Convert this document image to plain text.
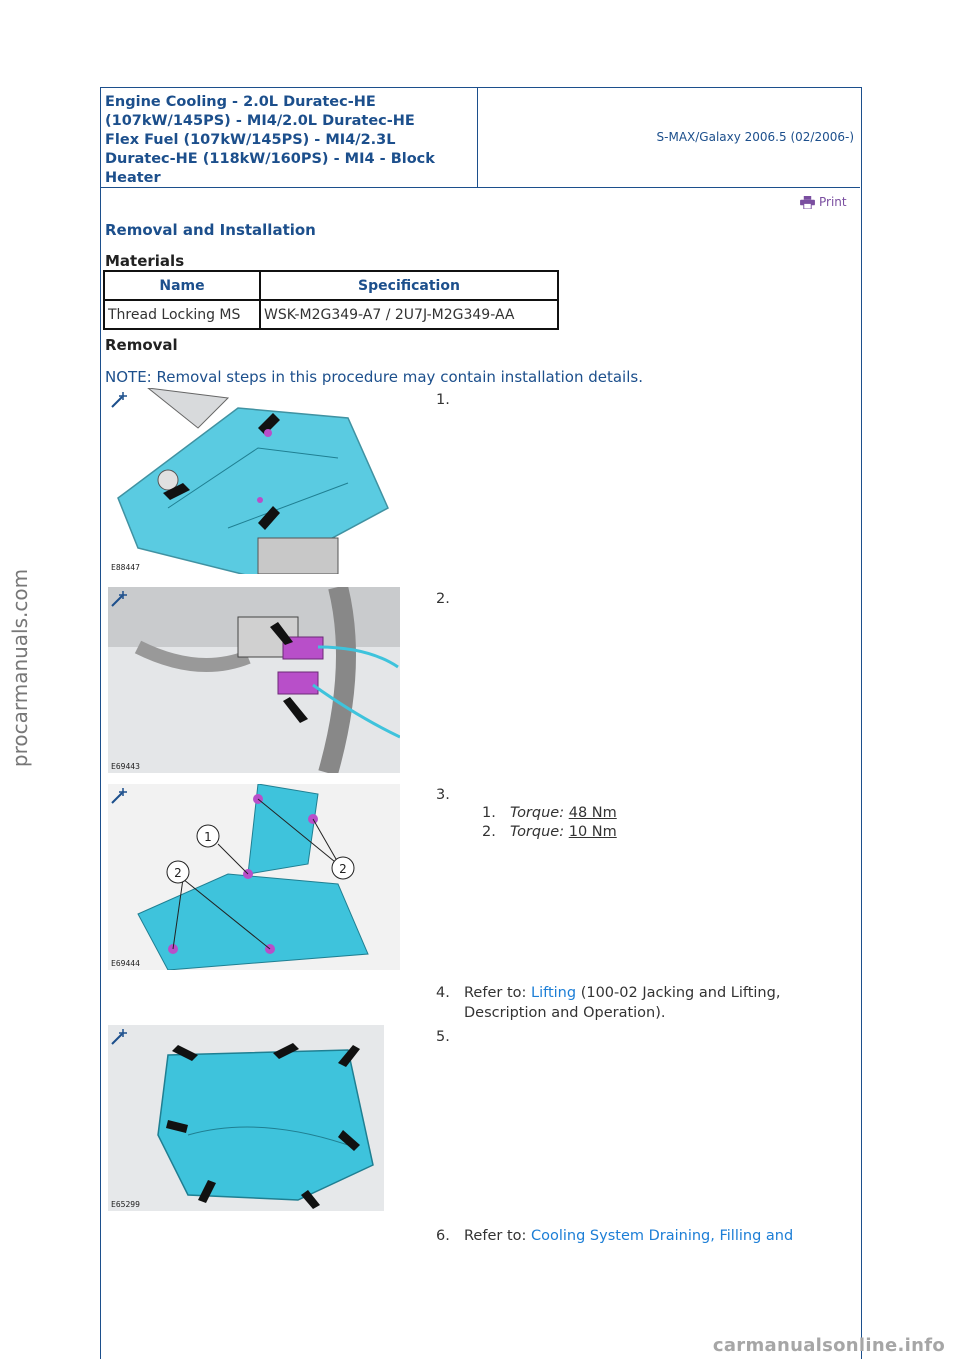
Engine Cooling - 2.0L Duratec-HE
(107kW/145PS) - MI4/2.0L Duratec-HE
Flex Fuel (107kW/145PS) - MI4/2.3L
Duratec-HE (118kW/160PS) - MI4 - Block
Heater
S-MAX/Galaxy 2006.5 (02/2006-)
Print
Removal and Installation
Materials
Name	Specification
Thread Locking MS	WSK-M2G349-A7 / 2U7J-M2G349-AA
Removal
NOTE: Removal steps in this procedure may contain installation details.
E88447
1.
E69443
2.
1
2	2
E69444
3.
1. Torque: 48 Nm
2. Torque: 10 Nm
4. Refer to: Lifting (100-02 Jacking and Lifting,
Description and Operation).
E65299
5.
6. Refer to: Cooling System Draining, Filling and
procarmanuals.com
carmanualsonline.info
